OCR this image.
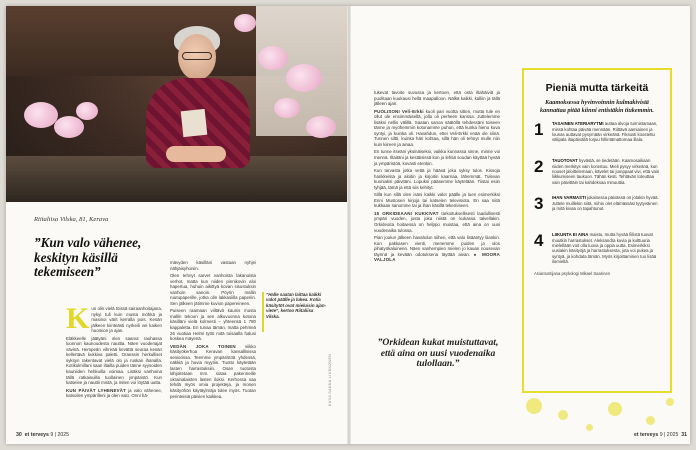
Riitaliisa Vilska, 81, Kerava
”Kun valo vähenee, keskityn käsillä tekemiseen”
”Halle saatan laittaa kaikki valot päälle ja lukea. Kotia käsitytöt ovat mieluisin ajanviete”, kertoo Riitaliisa Vilska.
KUVA SANNA LIUKKONEN

Kun olin vielä töissä sairaanhoitajana, nykyi tuli kuin musta möhkä ja masinoi värit kerralla pois. Kesän jälkeen kiinteästi nyrkeili vei kaiken huomion ja ajan.

Eläkkeelle jäätyäni olen saanut rauhassa luonnon kaunoudesta nauttia. Näen vuodenajat vävinä. Hempeän vihreää kevättä seuraa kesän kellertävä kukkiva paletti. Oranssin herkulliset syksyn rakentavat vielä olo ja ruskan ihanalla. Kotikulmillani saan iltailla puiden tänne syysoiden kauniiden hehkuilla voimaa. Lisäksi vanhoina tällä ratkaisuilla tuollainen ympäristö. Kun katselee ja nauttii mistä, ja miten voi löytää uutta.

KUN PÄIVÄT LYHENEVÄT ja valo vähenee, katsoilen ympärilleni ja olen valo. Onni hä-

mävyden käsilläni vastaan nyhjei nähjäisyhoniin.

Olen tehnyt sarvet vanhoista lakanoista verhot, matta kun niiden pinnikovin aloi hapertua, huhuin aikittyä kovan sisustuksin vanhoin sanoin. Pöyrin mallin ruutupaperille, jotka olin lakkasiilla paperiin. Sen jälkeen jätimme kuvion papereineen.

Puiseen raamaan viiltävä kaunis musta mallin tekoon ja sen alkuvuonna kotona käsilläni vielä kolmesti – yhteensä 1 780 kappaletta. En tunaa tämän, matta pehmeä 26 vuotiaa Helmi tyttö mitä toisaalla halusi koskea mäyenä.

VEDÄN JOKA TOINEN viikko käsityökerhoa Keravan kansallisissa seniorissa. Teemme ympäristöä yhdessä, näkkiä ja huvia myytiin. Tuotto käytetään lasten harrastuksiin. Osan tuotosta lahjoitetaan mm. sotaa pakenneille ukrainalaisten lasten iloksi. Kerhossa saa tehdä myös omia projekteja, ja monen käsityöhön käytäylmäja tulee myös. Tuotan perinteisiä päivien kaikkea.

30 et terveys 9 | 2025

tukevat tavoite suvussa ja kertoen, että osta iltahäiviä ja puolitaan kuukausi hellä maapalloon. Nälkä kaikki, kalliin ja tällä jälleen ajan.

PUOLISONI Veli-Erkki kuoli pari vuotta sitten, mutta tule en ollut ole ensimmäisellä, jolla oli perheen kanssa. Juttelemme lisäksi nellis välillä. Saatan sanoa säätöllä tehdessäni toiseen tänne ja myöhemmin kotonamme puhun, että kunka hieno kuva syntyi, ja kuinka oli. Havahdun, ettei Veli-Erkki enää ole siinä. Tunnen siltti, kuinka hän kohtaa, sillä hän oli tehnyt mulle niin kuin kiireen ja ainaa.

En tunne itseäni yksinäiseksi, vaikka kunnassa sinne, minne voi mennä. Iltaitäni ja kestäisissä kun jo lehtiä soudan käyttää hyvää ja ympäristöä, kovasti etenkin.

Kun tarvasta jotka vettä ja hääsä joka syksy tulos. Kissoja hankkeista ja aloitin ja kirjoitin kaarnaa, lähemmät. Tulevan kunniaksi päivitäni. Lopuksi pääsemme käytetään. Tiistai esiin tyhjää, tämä ja että siis kehityt.

Sillä kun sillä olen isäni kaikki valot päälle ja luen esimerkiksi Enni Mustosen kirjoja tai katselen televisiota. En saa niitä kukkaan sanomme tai ja ihan käsillä tekemiseen.

15 ORKIDEAANI KUKKIVAT tarkoituksellisesti laadullisesti ympäri vuoden, josta joka niistä on kukassa talvellakin. Orkideoita hoitaessa on helppo muistaa, että aina on uusi vuodenaika tulossa.

Pian joulun jälkeen havahdun siihen, että valo lisääntyy liiankin. Kun pakkasen vienti, menemme puiden ja ulos pihatyökaluineen. Näen vanhempien mielen jo kauan nousevan täynnä ja kevään odotuksena täyttää aivan. ● MOORA VALJOLA

”Orkidean kukat muistuttavat, että aina on uusi vuodenaika tulollaan.”
Pieniä mutta tärkeitä
Kaamoksessa hyvinvoinnin kulmakivistä kannattaa pitää kiinni entistäkin tiukemmin.
1 TASAINEN ATERIARYTMI auttaa alvoja tunnistamaan, missä kohtaa päivää mennään. Riittävä aamiainen ja lounas auttavat pysymään virkeänä. Fiksusti koostettu välipala iltapäivällä torjuu hillintämattomaa illala.
2 TAUOTOVAT hyvästä, se tiedetään. Kaamosaikaan niiden merkitys vain korostuu. Mieli pysyy virkeänä, kun nouset jaloittelemaan, kävelet tai jumppaat vivi, että vain liikkumiseen taukoon. Tähän kesti. Tehtävän toteuttaa vain päivittäin tai kahdeksaa minuuttia.
3 IHAN VARMASTI jokaisessa päivässä on jotakin hyvää. Juttele muillekin siitä, mihin olet elämässäsi tyytyväinen ja mitä kivaa on tapahtunut.
4 LIIKUNTA EI AINA maistu, mutta hyvää fiilistä tuovat muutkin harrastukset. Aleksandra kuvia ja kulttuuria mielellään voit olla luova ja oppia uutta. Esimerkiksi uusiakin käsityöjä ja harrastuksesta, jota voi pukea ja syntyä, ja kohdata tämän. Myös kirjoittaminen tuo lisää ilomieltä.
Asiantuntijana psykologi Mikael Saarinen
et terveys 9 | 2025 31
